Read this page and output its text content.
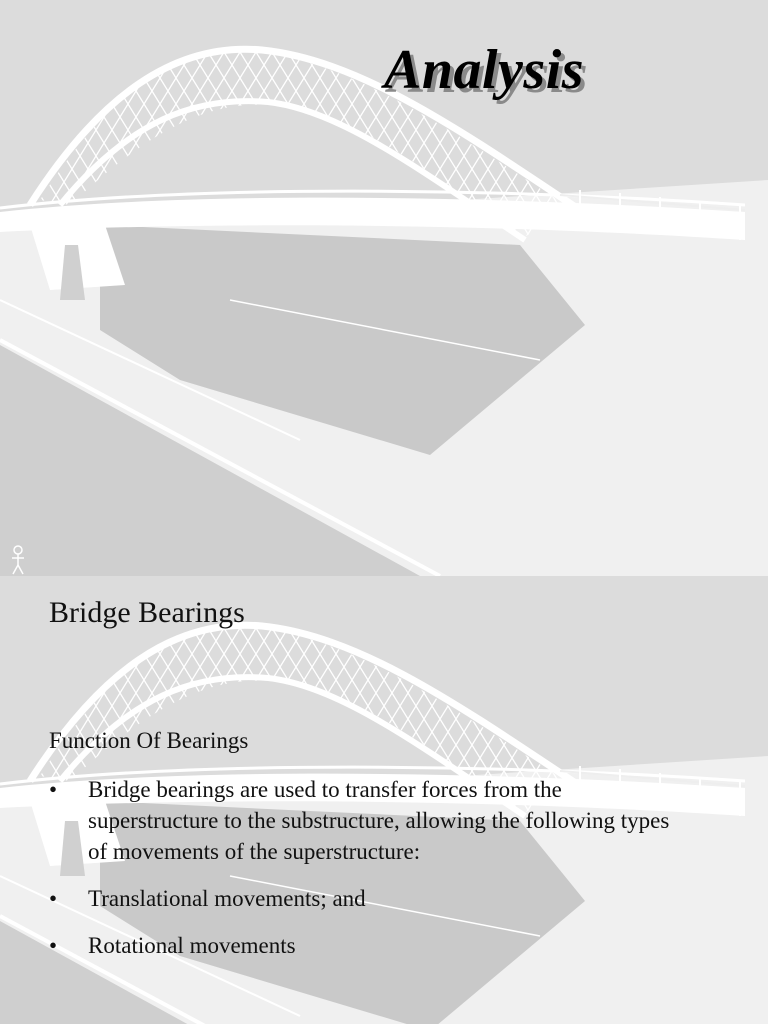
Analysis
Bridge Bearings

Function Of Bearings

• Bridge bearings are used to transfer forces from the superstructure to the substructure, allowing the following types of movements of the superstructure:
• Translational movements; and
• Rotational movements
